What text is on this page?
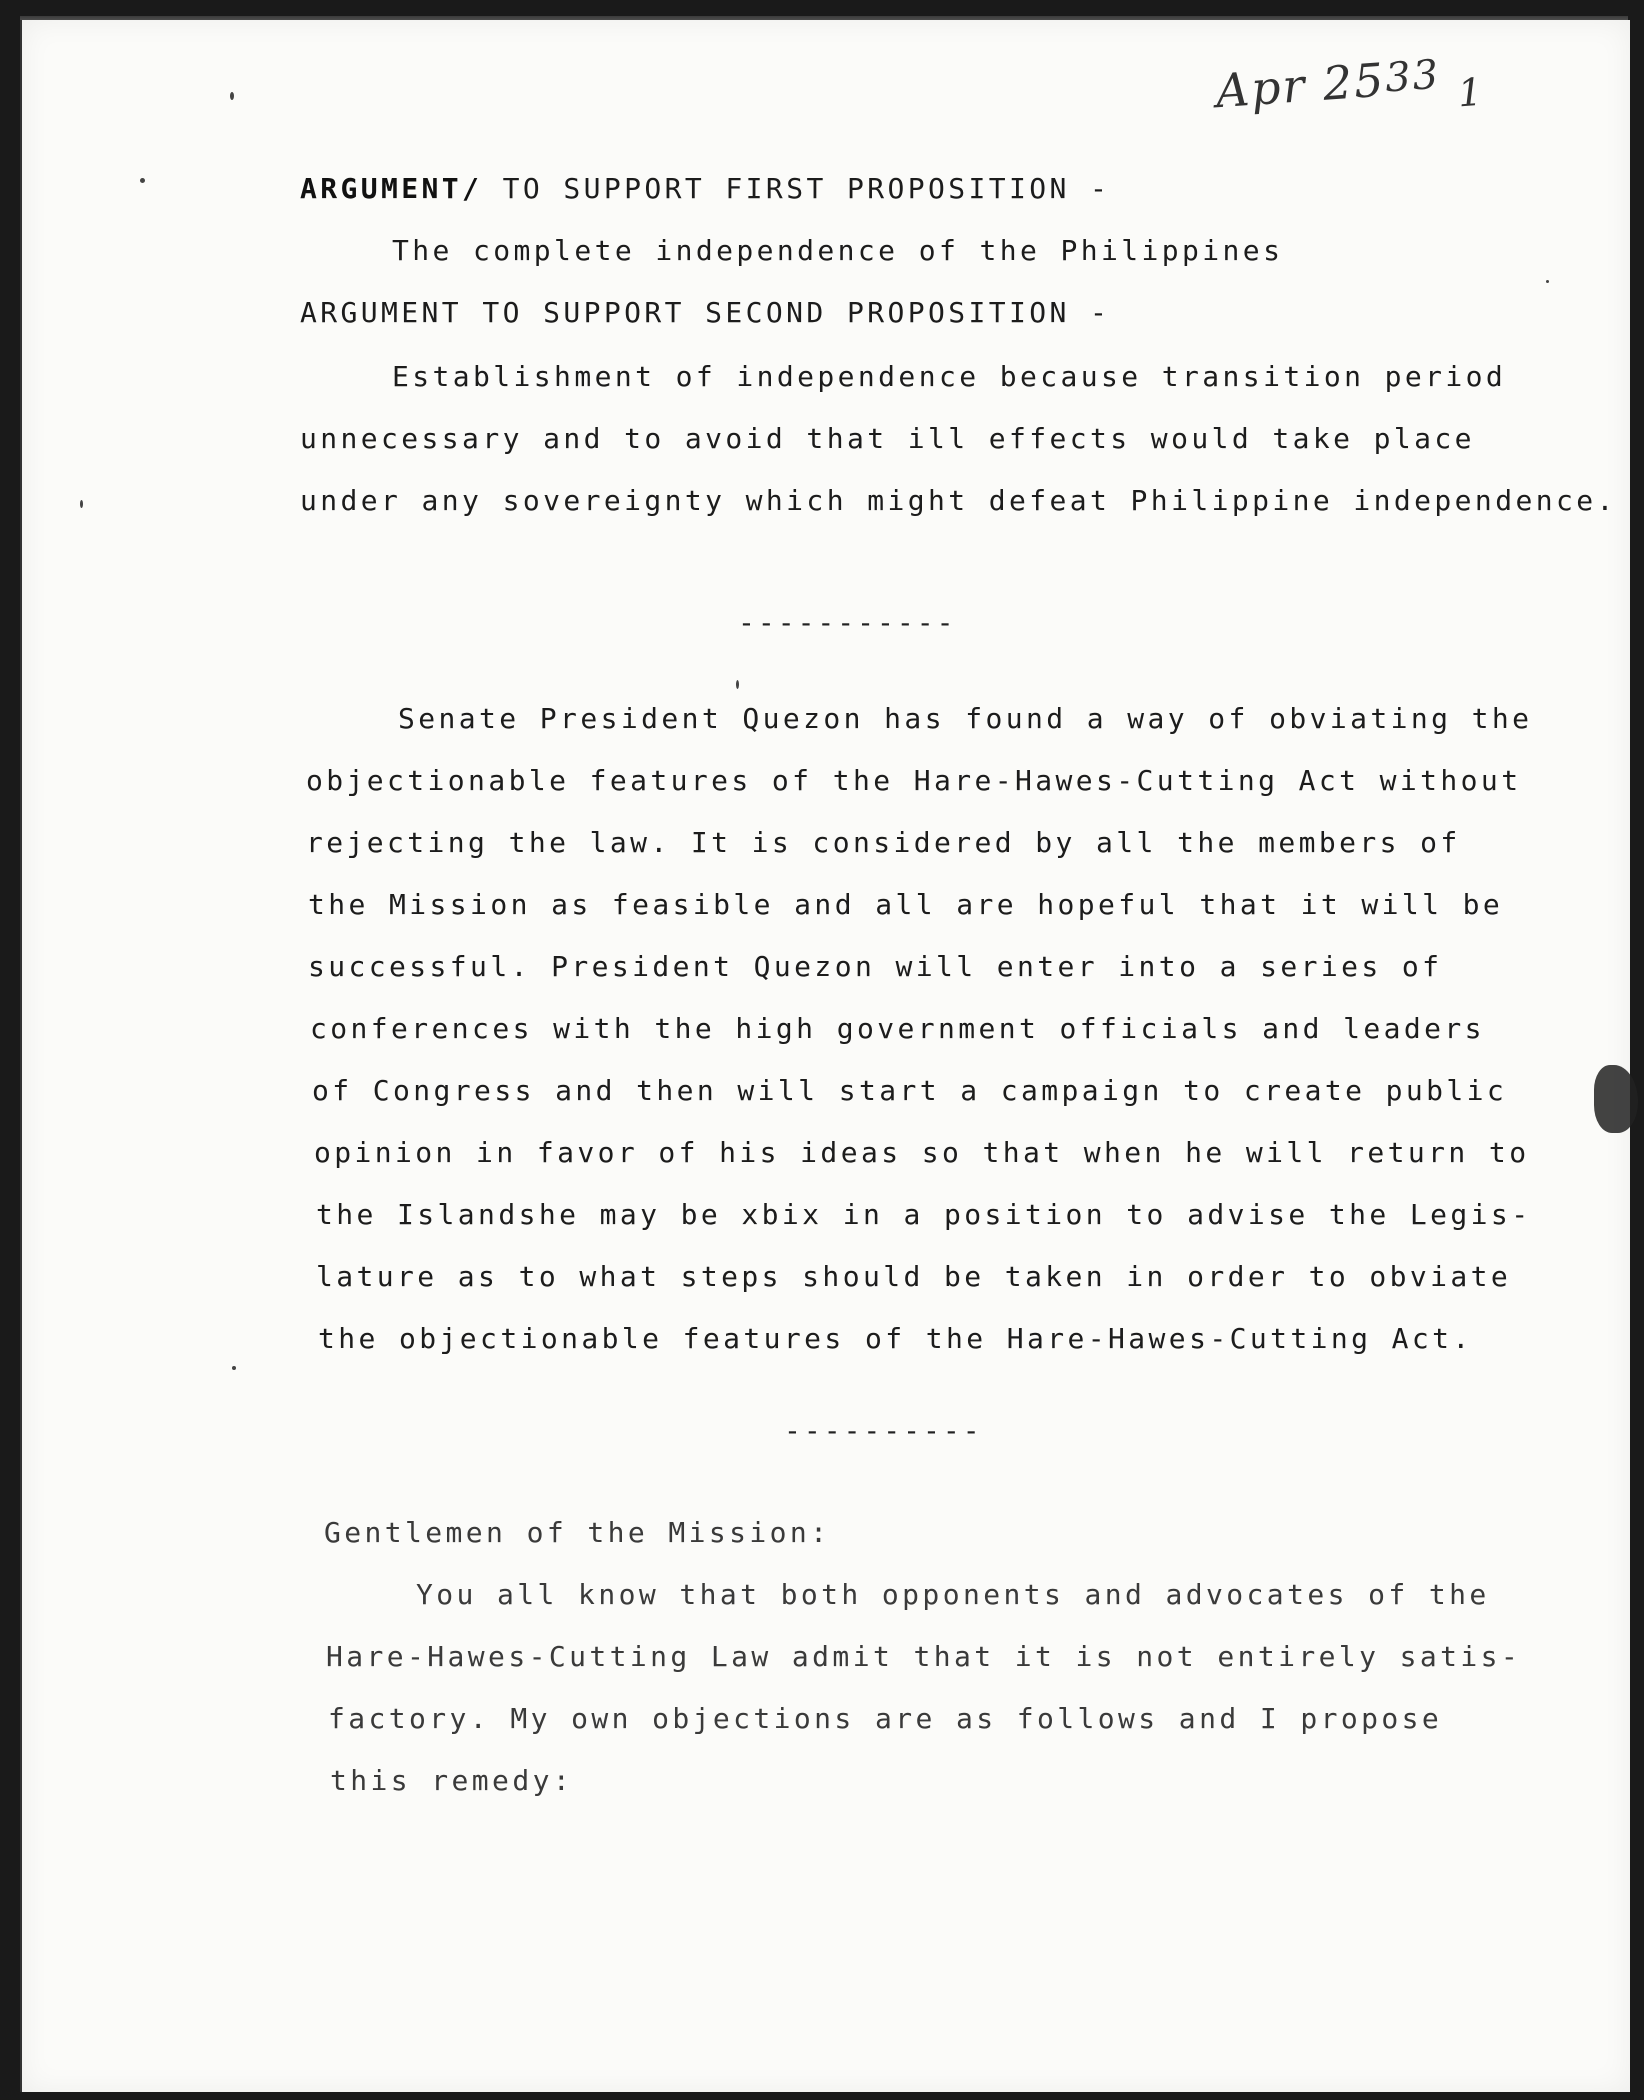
Apr 2533 $_1$
ARGUMENT/ TO SUPPORT FIRST PROPOSITION -
The complete independence of the Philippines
ARGUMENT TO SUPPORT SECOND PROPOSITION -
Establishment of independence because transition period
unnecessary and to avoid that ill effects would take place
under any sovereignty which might defeat Philippine independence.
-----------
Senate President Quezon has found a way of obviating the
objectionable features of the Hare-Hawes-Cutting Act without
rejecting the law. It is considered by all the members of
the Mission as feasible and all are hopeful that it will be
successful. President Quezon will enter into a series of
conferences with the high government officials and leaders
of Congress and then will start a campaign to create public
opinion in favor of his ideas so that when he will return to
the Islandshe may be xbix in a position to advise the Legis-
lature as to what steps should be taken in order to obviate
the objectionable features of the Hare-Hawes-Cutting Act.
----------
Gentlemen of the Mission:
You all know that both opponents and advocates of the
Hare-Hawes-Cutting Law admit that it is not entirely satis-
factory. My own objections are as follows and I propose
this remedy:
